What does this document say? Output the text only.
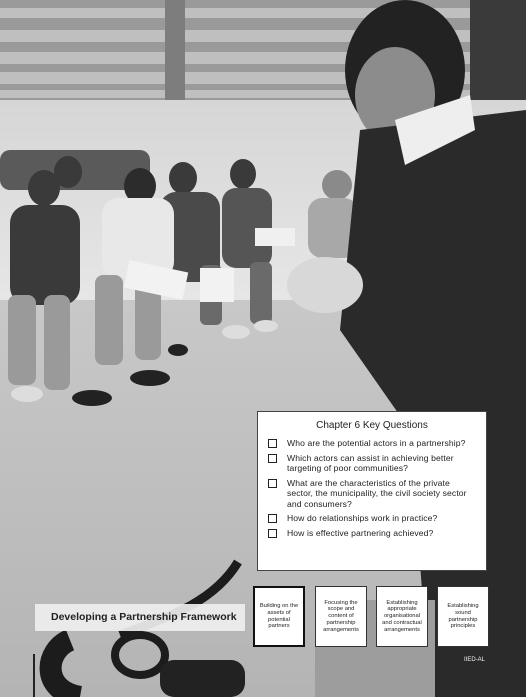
Chapter 6 Key Questions
Who are the potential actors in a partnership?
Which actors can assist in achieving better targeting of poor communities?
What are the characteristics of the private sector, the municipality, the civil society sector and consumers?
How do relationships work in practice?
How is effective partnering achieved?
Developing a Partnership Framework
Building on the assets of potential partners
Focusing the scope and content of partnership arrangements
Establishing appropriate organisational and contractual arrangements
Establishing sound partnership principles
IIED-AL
